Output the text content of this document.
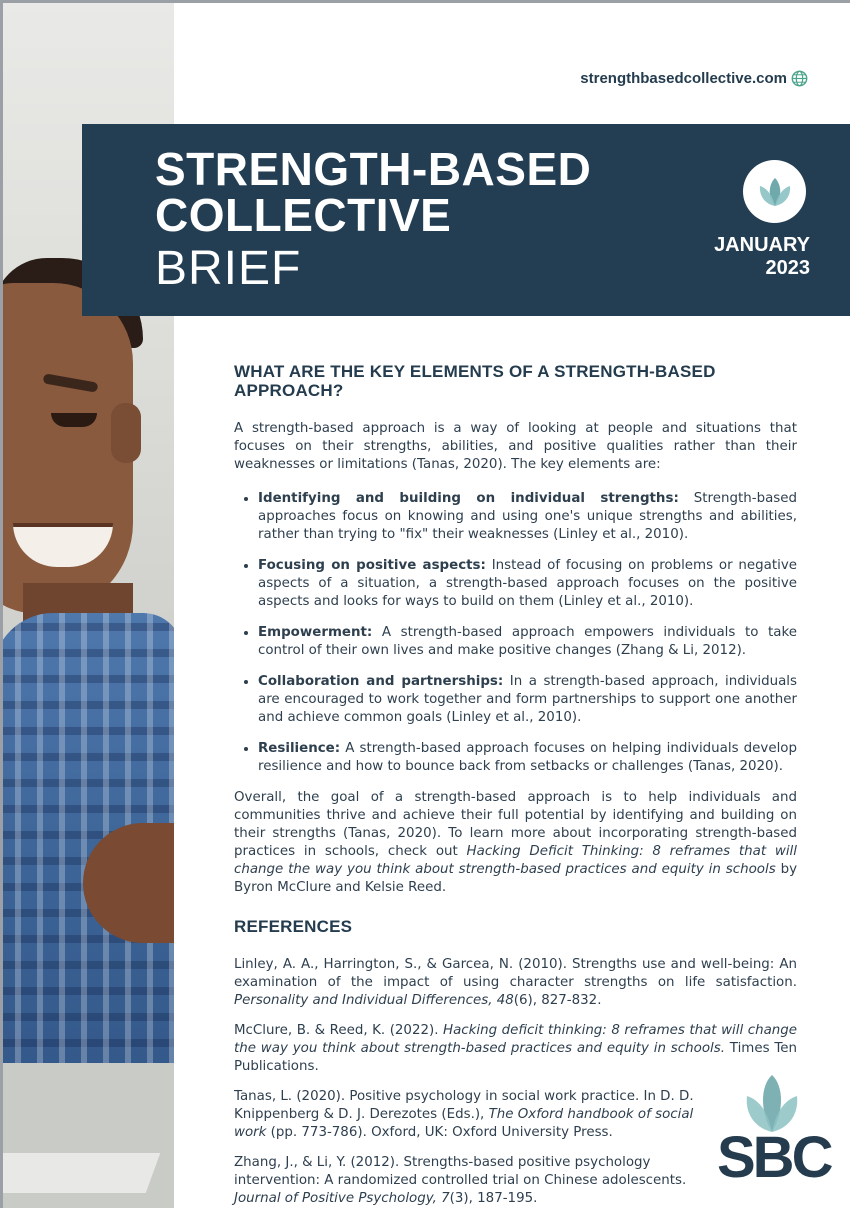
strengthbasedcollective.com
STRENGTH-BASED
COLLECTIVE
BRIEF	JANUARY
2023
WHAT ARE THE KEY ELEMENTS OF A STRENGTH-BASED
APPROACH?

A strength-based approach is a way of looking at people and situations that focuses on their strengths, abilities, and positive qualities rather than their weaknesses or limitations (Tanas, 2020). The key elements are:

• Identifying and building on individual strengths: Strength-based approaches focus on knowing and using one's unique strengths and abilities, rather than trying to "fix" their weaknesses (Linley et al., 2010).
• Focusing on positive aspects: Instead of focusing on problems or negative aspects of a situation, a strength-based approach focuses on the positive aspects and looks for ways to build on them (Linley et al., 2010).
• Empowerment: A strength-based approach empowers individuals to take control of their own lives and make positive changes (Zhang & Li, 2012).
• Collaboration and partnerships: In a strength-based approach, individuals are encouraged to work together and form partnerships to support one another and achieve common goals (Linley et al., 2010).
• Resilience: A strength-based approach focuses on helping individuals develop resilience and how to bounce back from setbacks or challenges (Tanas, 2020).

Overall, the goal of a strength-based approach is to help individuals and communities thrive and achieve their full potential by identifying and building on their strengths (Tanas, 2020). To learn more about incorporating strength-based practices in schools, check out Hacking Deficit Thinking: 8 reframes that will change the way you think about strength-based practices and equity in schools by Byron McClure and Kelsie Reed.

REFERENCES

Linley, A. A., Harrington, S., & Garcea, N. (2010). Strengths use and well-being: An examination of the impact of using character strengths on life satisfaction. Personality and Individual Differences, 48(6), 827-832.

McClure, B. & Reed, K. (2022). Hacking deficit thinking: 8 reframes that will change the way you think about strength-based practices and equity in schools. Times Ten Publications.

Tanas, L. (2020). Positive psychology in social work practice. In D. D. Knippenberg & D. J. Derezotes (Eds.), The Oxford handbook of social work (pp. 773-786). Oxford, UK: Oxford University Press.

Zhang, J., & Li, Y. (2012). Strengths-based positive psychology intervention: A randomized controlled trial on Chinese adolescents. Journal of Positive Psychology, 7(3), 187-195.

SBC
